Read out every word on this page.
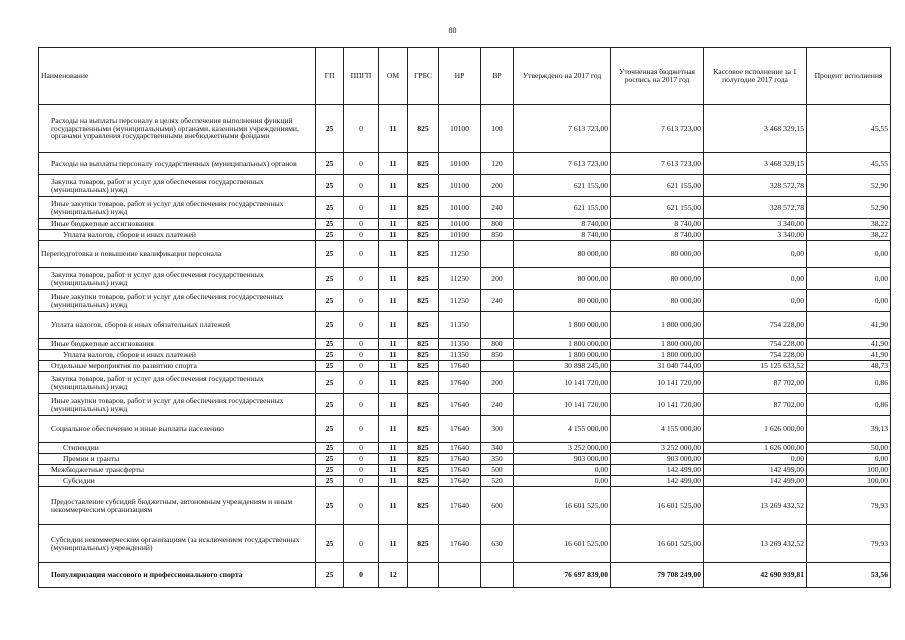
80
Наименование	ГП	ППГП	ОМ	ГРБС	НР	ВР	Утверждено на 2017 год	Уточненная бюджетная роспись на 2017 год	Кассовое исполнение за 1 полугодие 2017 года	Процент исполнения
Расходы на выплаты персоналу в целях обеспечения выполнения функций государственными (муниципальными) органами, казенными учреждениями, органами управления государственными внебюджетными фондами	25	0	11	825	10100	100	7 613 723,00	7 613 723,00	3 468 329,15	45,55
Расходы на выплаты персоналу государственных (муниципальных) органов	25	0	11	825	10100	120	7 613 723,00	7 613 723,00	3 468 329,15	45,55
Закупка товаров, работ и услуг для обеспечения государственных (муниципальных) нужд	25	0	11	825	10100	200	621 155,00	621 155,00	328 572,78	52,90
Иные закупки товаров, работ и услуг для обеспечения государственных (муниципальных) нужд	25	0	11	825	10100	240	621 155,00	621 155,00	328 572,78	52,90
Иные бюджетные ассигнования	25	0	11	825	10100	800	8 740,00	8 740,00	3 340,00	38,22
Уплата налогов, сборов и иных платежей	25	0	11	825	10100	850	8 740,00	8 740,00	3 340,00	38,22
Переподготовка и повышение квалификации персонала	25	0	11	825	11250		80 000,00	80 000,00	0,00	0,00
Закупка товаров, работ и услуг для обеспечения государственных (муниципальных) нужд	25	0	11	825	11250	200	80 000,00	80 000,00	0,00	0,00
Иные закупки товаров, работ и услуг для обеспечения государственных (муниципальных) нужд	25	0	11	825	11250	240	80 000,00	80 000,00	0,00	0,00
Уплата налогов, сборов и иных обязательных платежей	25	0	11	825	11350		1 800 000,00	1 800 000,00	754 228,00	41,90
Иные бюджетные ассигнования	25	0	11	825	11350	800	1 800 000,00	1 800 000,00	754 228,00	41,90
Уплата налогов, сборов и иных платежей	25	0	11	825	11350	850	1 800 000,00	1 800 000,00	754 228,00	41,90
Отдельные мероприятия по развитию спорта	25	0	11	825	17640		30 898 245,00	31 040 744,00	15 125 633,52	48,73
Закупка товаров, работ и услуг для обеспечения государственных (муниципальных) нужд	25	0	11	825	17640	200	10 141 720,00	10 141 720,00	87 702,00	0,86
Иные закупки товаров, работ и услуг для обеспечения государственных (муниципальных) нужд	25	0	11	825	17640	240	10 141 720,00	10 141 720,00	87 702,00	0,86
Социальное обеспечение и иные выплаты населению	25	0	11	825	17640	300	4 155 000,00	4 155 000,00	1 626 000,00	39,13
Стипендии	25	0	11	825	17640	340	3 252 000,00	3 252 000,00	1 626 000,00	50,00
Премии и гранты	25	0	11	825	17640	350	903 000,00	903 000,00	0,00	0,00
Межбюджетные трансферты	25	0	11	825	17640	500	0,00	142 499,00	142 499,00	100,00
Субсидии	25	0	11	825	17640	520	0,00	142 499,00	142 499,00	100,00
Предоставление субсидий бюджетным, автономным учреждениям и иным некоммерческим организациям	25	0	11	825	17640	600	16 601 525,00	16 601 525,00	13 269 432,52	79,93
Субсидии некоммерческим организациям (за исключением государственных (муниципальных) учреждений)	25	0	11	825	17640	630	16 601 525,00	16 601 525,00	13 269 432,52	79,93
Популяризация массового и профессионального спорта	25	0	12				76 697 839,00	79 708 249,00	42 690 939,81	53,56
